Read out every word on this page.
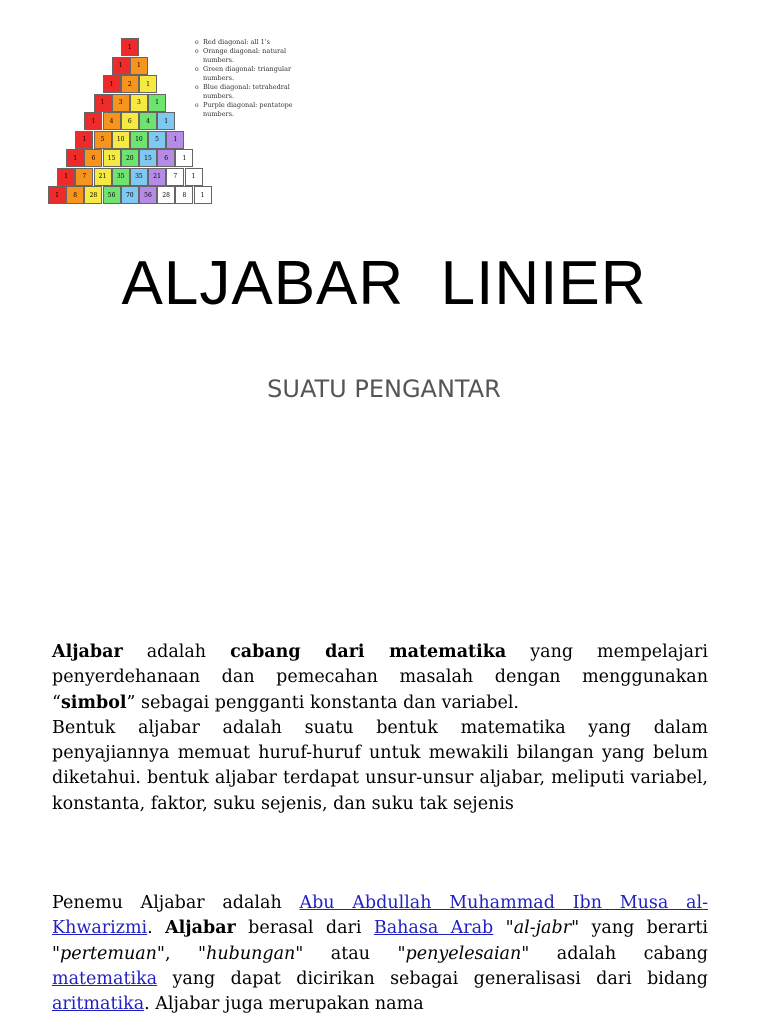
1
1	1
1	2	1
1	3	3	1
1	4	6	4	1
1	5	10	10	5	1
1	6	15	20	15	6	1
1	7	21	35	35	21	7	1
1	8	28	56	70	56	28	8	1
o Red diagonal: all 1's
o Orange diagonal: natural numbers.
o Green diagonal: triangular numbers.
o Blue diagonal: tetrahedral numbers.
o Purple diagonal: pentatope numbers.
ALJABAR  LINIER
SUATU PENGANTAR

Aljabar adalah cabang dari matematika yang mempelajari penyerdehanaan dan pemecahan masalah dengan menggunakan “simbol” sebagai pengganti konstanta dan variabel.

Bentuk aljabar adalah suatu bentuk matematika yang dalam penyajiannya memuat huruf-huruf untuk mewakili bilangan yang belum diketahui. bentuk aljabar terdapat unsur-unsur aljabar, meliputi variabel, konstanta, faktor, suku sejenis, dan suku tak sejenis

Penemu Aljabar adalah Abu Abdullah Muhammad Ibn Musa al-Khwarizmi. Aljabar berasal dari Bahasa Arab "al-jabr" yang berarti "pertemuan", "hubungan" atau "penyelesaian" adalah cabang matematika yang dapat dicirikan sebagai generalisasi dari bidang aritmatika. Aljabar juga merupakan nama
